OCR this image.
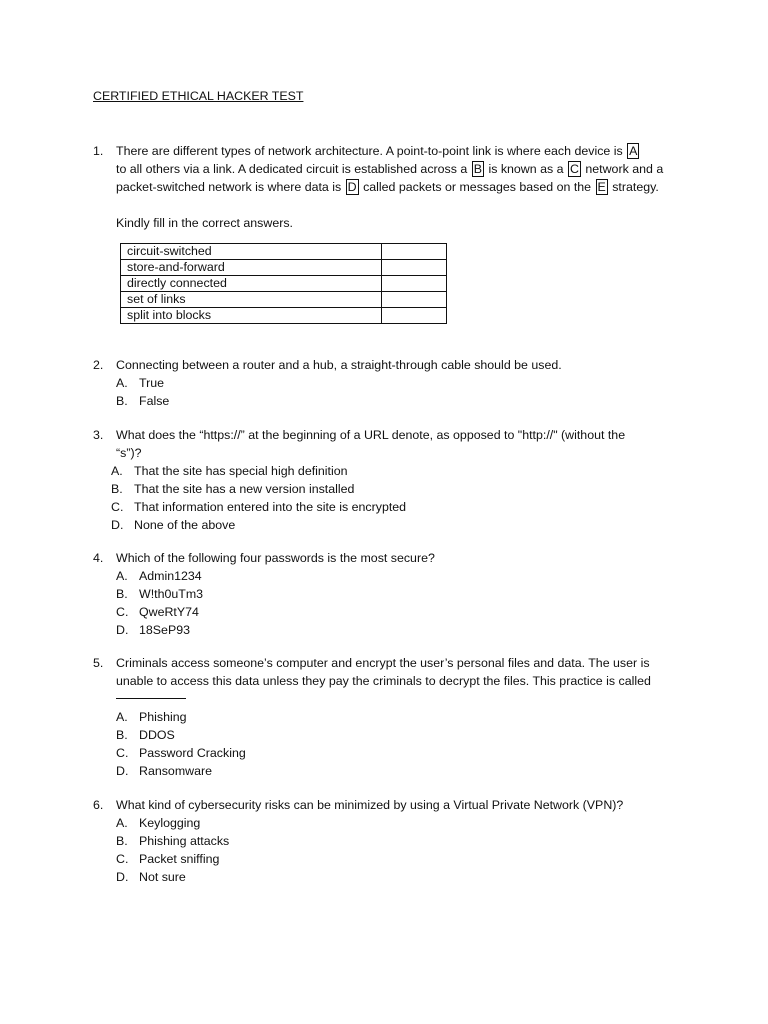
CERTIFIED ETHICAL HACKER TEST
1. There are different types of network architecture. A point-to-point link is where each device is A
to all others via a link. A dedicated circuit is established across a B is known as a C network and a
packet-switched network is where data is D called packets or messages based on the E strategy.
Kindly fill in the correct answers.
circuit-switched	
store-and-forward	
directly connected	
set of links	
split into blocks	
2. Connecting between a router and a hub, a straight-through cable should be used.
A. True
B. False
3. What does the “https://” at the beginning of a URL denote, as opposed to "http://" (without the
“s”)?
A. That the site has special high definition
B. That the site has a new version installed
C. That information entered into the site is encrypted
D. None of the above
4. Which of the following four passwords is the most secure?
A. Admin1234
B. W!th0uTm3
C. QweRtY74
D. 18SeP93
5. Criminals access someone’s computer and encrypt the user’s personal files and data. The user is
unable to access this data unless they pay the criminals to decrypt the files. This practice is called
A. Phishing
B. DDOS
C. Password Cracking
D. Ransomware
6. What kind of cybersecurity risks can be minimized by using a Virtual Private Network (VPN)?
A. Keylogging
B. Phishing attacks
C. Packet sniffing
D. Not sure
